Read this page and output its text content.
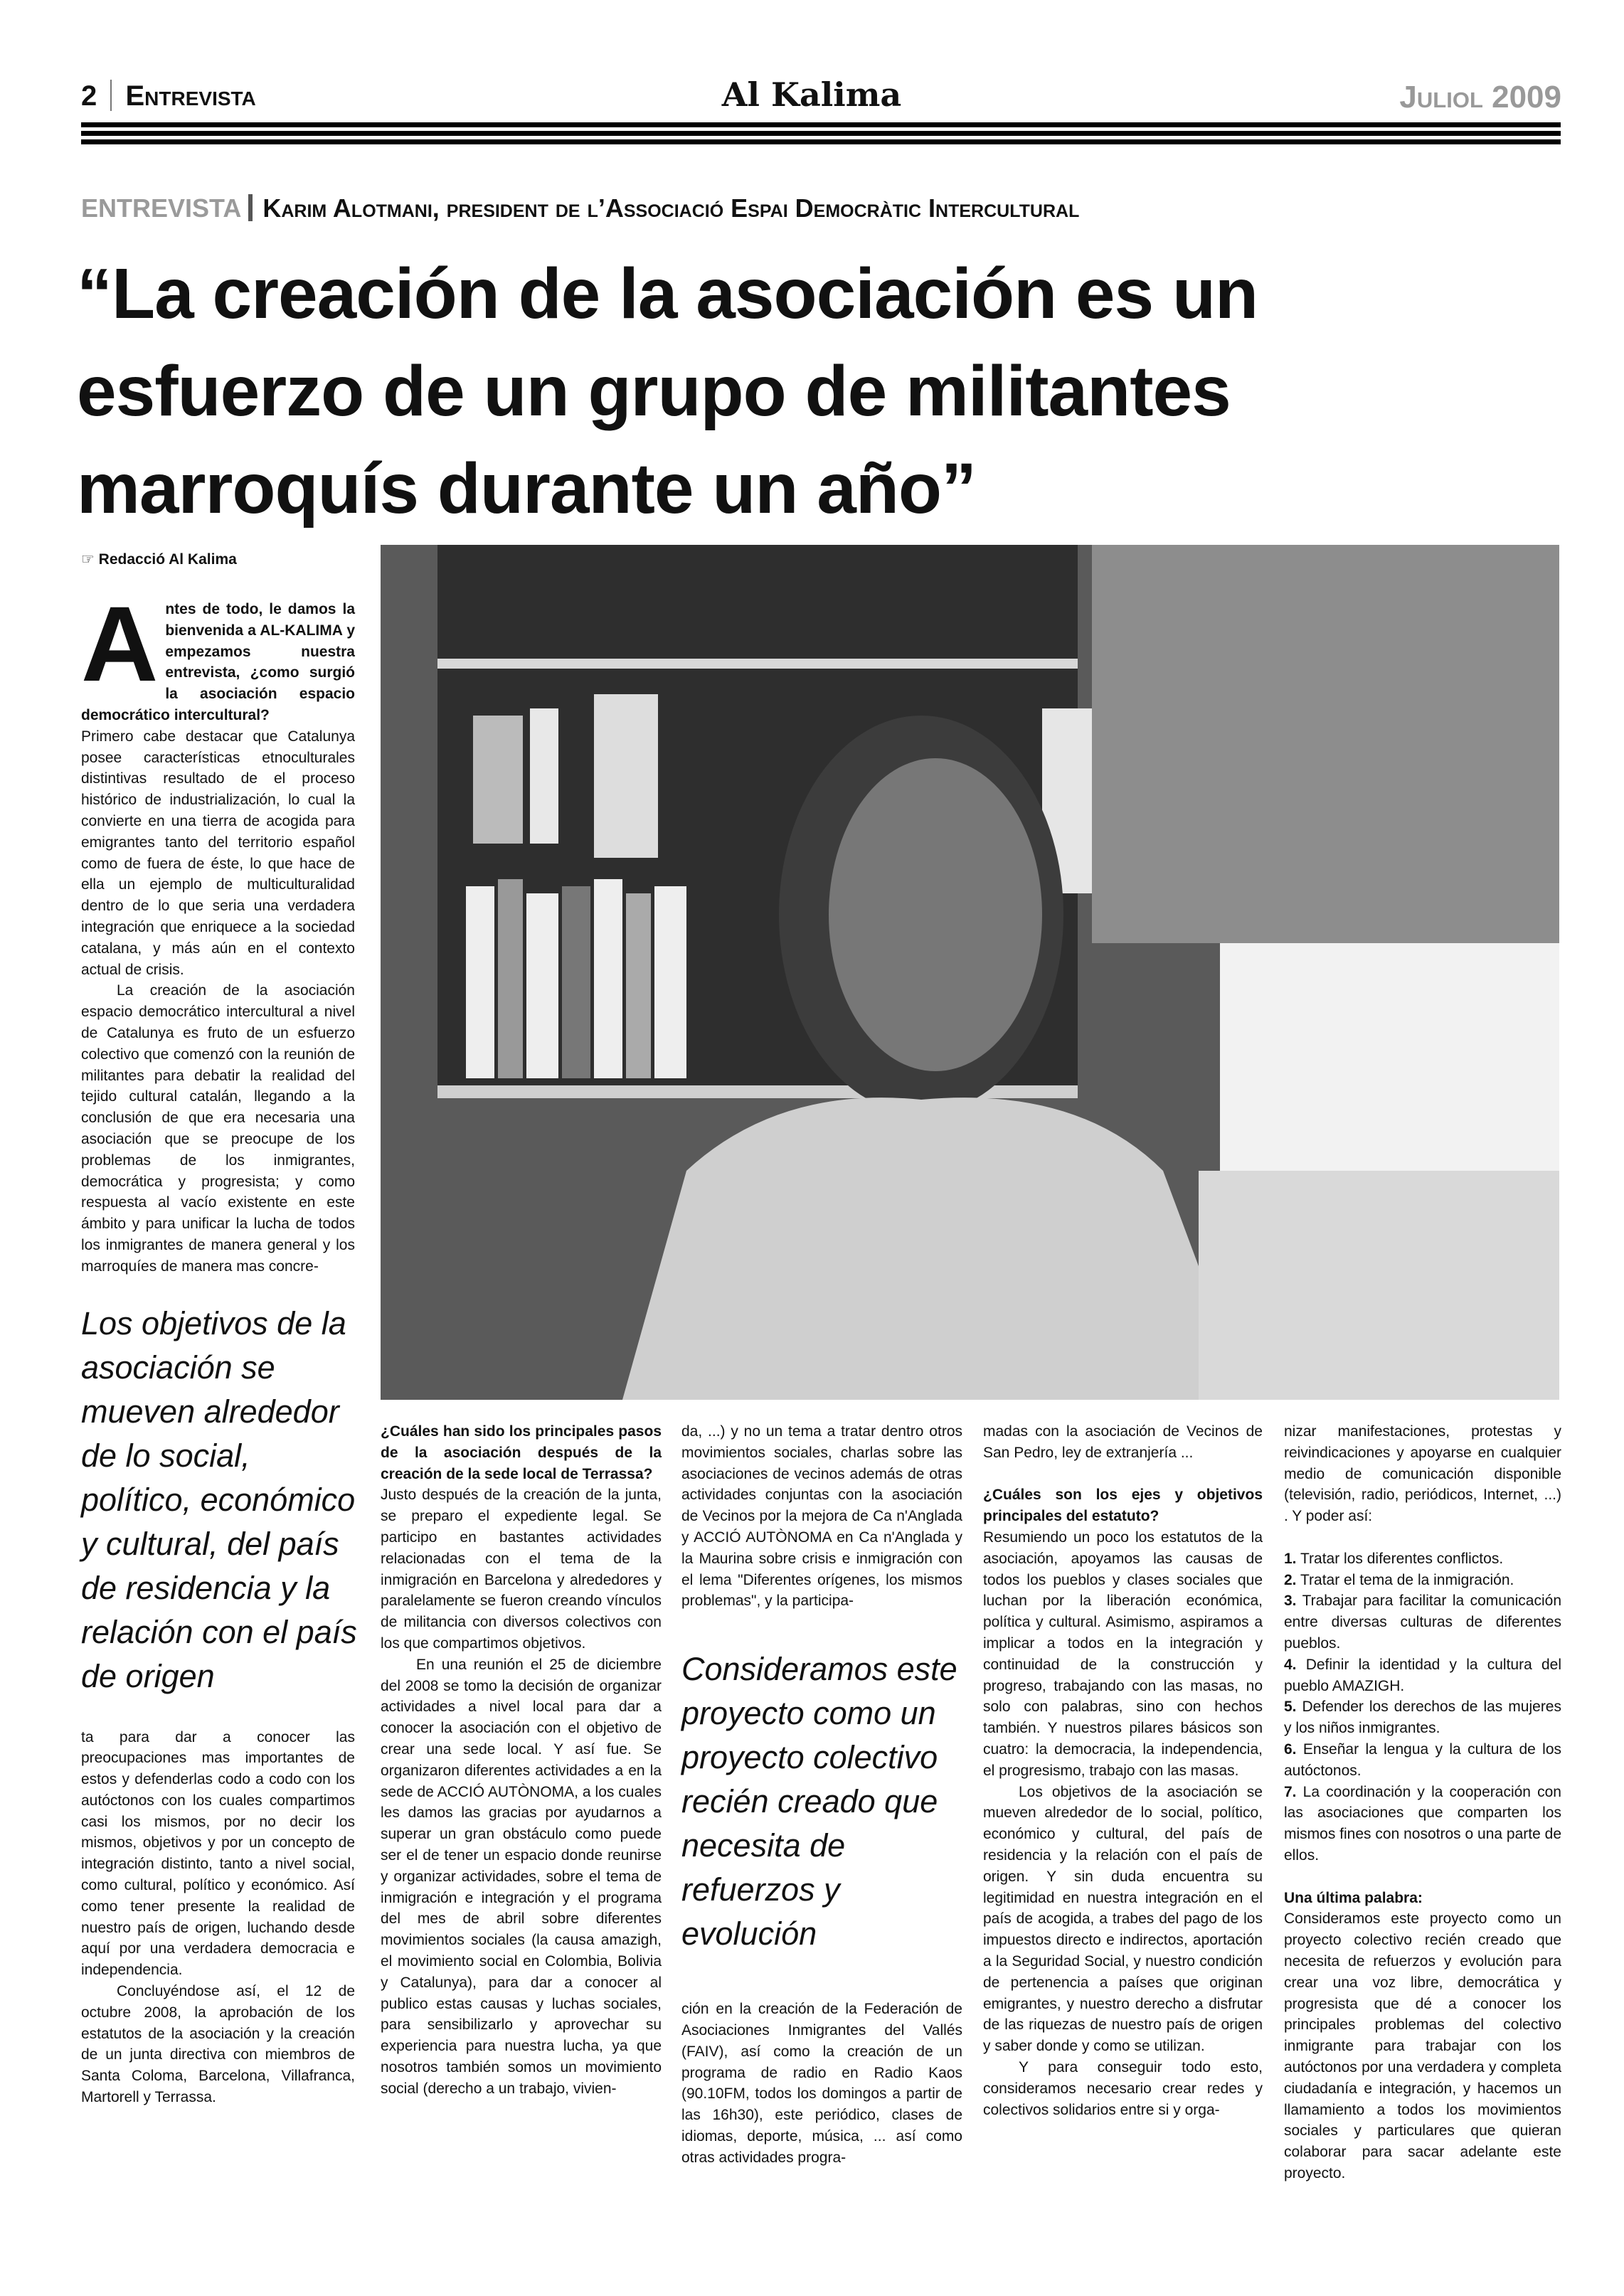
2 Entrevista	Al Kalima	Juliol 2009
ENTREVISTA Karim Alotmani, president de l’Associació Espai Democràtic Intercultural
“La creación de la asociación es un
esfuerzo de un grupo de militantes
marroquís durante un año”
☞ Redacció Al Kalima

Antes de todo, le damos la bienvenida a AL-KALIMA y empezamos nuestra entrevista, ¿como surgió la asociación espacio democrático intercultural?

Primero cabe destacar que Catalunya posee características etnoculturales distintivas resultado de el proceso histórico de industrialización, lo cual la convierte en una tierra de acogida para emigrantes tanto del territorio español como de fuera de éste, lo que hace de ella un ejemplo de multiculturalidad dentro de lo que seria una verdadera integración que enriquece a la sociedad catalana, y más aún en el contexto actual de crisis.

La creación de la asociación espacio democrático intercultural a nivel de Catalunya es fruto de un esfuerzo colectivo que comenzó con la reunión de militantes para debatir la realidad del tejido cultural catalán, llegando a la conclusión de que era necesaria una asociación que se preocupe de los problemas de los inmigrantes, democrática y progresista; y como respuesta al vacío existente en este ámbito y para unificar la lucha de todos los inmigrantes de manera general y los marroquíes de manera mas concre-

Los objetivos de la asociación se mueven alrededor de lo social, político, económico y cultural, del país de residencia y la relación con el país de origen

ta para dar a conocer las preocupaciones mas importantes de estos y defenderlas codo a codo con los autóctonos con los cuales compartimos casi los mismos, por no decir los mismos, objetivos y por un concepto de integración distinto, tanto a nivel social, como cultural, político y económico. Así como tener presente la realidad de nuestro país de origen, luchando desde aquí por una verdadera democracia e independencia.

Concluyéndose así, el 12 de octubre 2008, la aprobación de los estatutos de la asociación y la creación de un junta directiva con miembros de Santa Coloma, Barcelona, Villafranca, Martorell y Terrassa.

¿Cuáles han sido los principales pasos de la asociación después de la creación de la sede local de Terrassa?

Justo después de la creación de la junta, se preparo el expediente legal. Se participo en bastantes actividades relacionadas con el tema de la inmigración en Barcelona y alrededores y paralelamente se fueron creando vínculos de militancia con diversos colectivos con los que compartimos objetivos.

En una reunión el 25 de diciembre del 2008 se tomo la decisión de organizar actividades a nivel local para dar a conocer la asociación con el objetivo de crear una sede local. Y así fue. Se organizaron diferentes actividades a en la sede de ACCIÓ AUTÒNOMA, a los cuales les damos las gracias por ayudarnos a superar un gran obstáculo como puede ser el de tener un espacio donde reunirse y organizar actividades, sobre el tema de inmigración e integración y el programa del mes de abril sobre diferentes movimientos sociales (la causa amazigh, el movimiento social en Colombia, Bolivia y Catalunya), para dar a conocer al publico estas causas y luchas sociales, para sensibilizarlo y aprovechar su experiencia para nuestra lucha, ya que nosotros también somos un movimiento social (derecho a un trabajo, vivien-

da, ...) y no un tema a tratar dentro otros movimientos sociales, charlas sobre las asociaciones de vecinos además de otras actividades conjuntas con la asociación de Vecinos por la mejora de Ca n'Anglada y ACCIÓ AUTÒNOMA en Ca n'Anglada y la Maurina sobre crisis e inmigración con el lema "Diferentes orígenes, los mismos problemas", y la participa-

Consideramos este proyecto como un proyecto colectivo recién creado que necesita de refuerzos y evolución

ción en la creación de la Federación de Asociaciones Inmigrantes del Vallés (FAIV), así como la creación de un programa de radio en Radio Kaos (90.10FM, todos los domingos a partir de las 16h30), este periódico, clases de idiomas, deporte, música, ... así como otras actividades progra-

madas con la asociación de Vecinos de San Pedro, ley de extranjería ...

¿Cuáles son los ejes y objetivos principales del estatuto?

Resumiendo un poco los estatutos de la asociación, apoyamos las causas de todos los pueblos y clases sociales que luchan por la liberación económica, política y cultural. Asimismo, aspiramos a implicar a todos en la integración y continuidad de la construcción y progreso, trabajando con las masas, no solo con palabras, sino con hechos también. Y nuestros pilares básicos son cuatro: la democracia, la independencia, el progresismo, trabajo con las masas.

Los objetivos de la asociación se mueven alrededor de lo social, político, económico y cultural, del país de residencia y la relación con el país de origen. Y sin duda encuentra su legitimidad en nuestra integración en el país de acogida, a trabes del pago de los impuestos directo e indirectos, aportación a la Seguridad Social, y nuestro condición de pertenencia a países que originan emigrantes, y nuestro derecho a disfrutar de las riquezas de nuestro país de origen y saber donde y como se utilizan.

Y para conseguir todo esto, consideramos necesario crear redes y colectivos solidarios entre si y orga-

nizar manifestaciones, protestas y reivindicaciones y apoyarse en cualquier medio de comunicación disponible (televisión, radio, periódicos, Internet, ...) . Y poder así:

1. Tratar los diferentes conflictos.

2. Tratar el tema de la inmigración.

3. Trabajar para facilitar la comunicación entre diversas culturas de diferentes pueblos.

4. Definir la identidad y la cultura del pueblo AMAZIGH.

5. Defender los derechos de las mujeres y los niños inmigrantes.

6. Enseñar la lengua y la cultura de los autóctonos.

7. La coordinación y la cooperación con las asociaciones que comparten los mismos fines con nosotros o una parte de ellos.

Una última palabra:

Consideramos este proyecto como un proyecto colectivo recién creado que necesita de refuerzos y evolución para crear una voz libre, democrática y progresista que dé a conocer los principales problemas del colectivo inmigrante para trabajar con los autóctonos por una verdadera y completa ciudadanía e integración, y hacemos un llamamiento a todos los movimientos sociales y particulares que quieran colaborar para sacar adelante este proyecto.
